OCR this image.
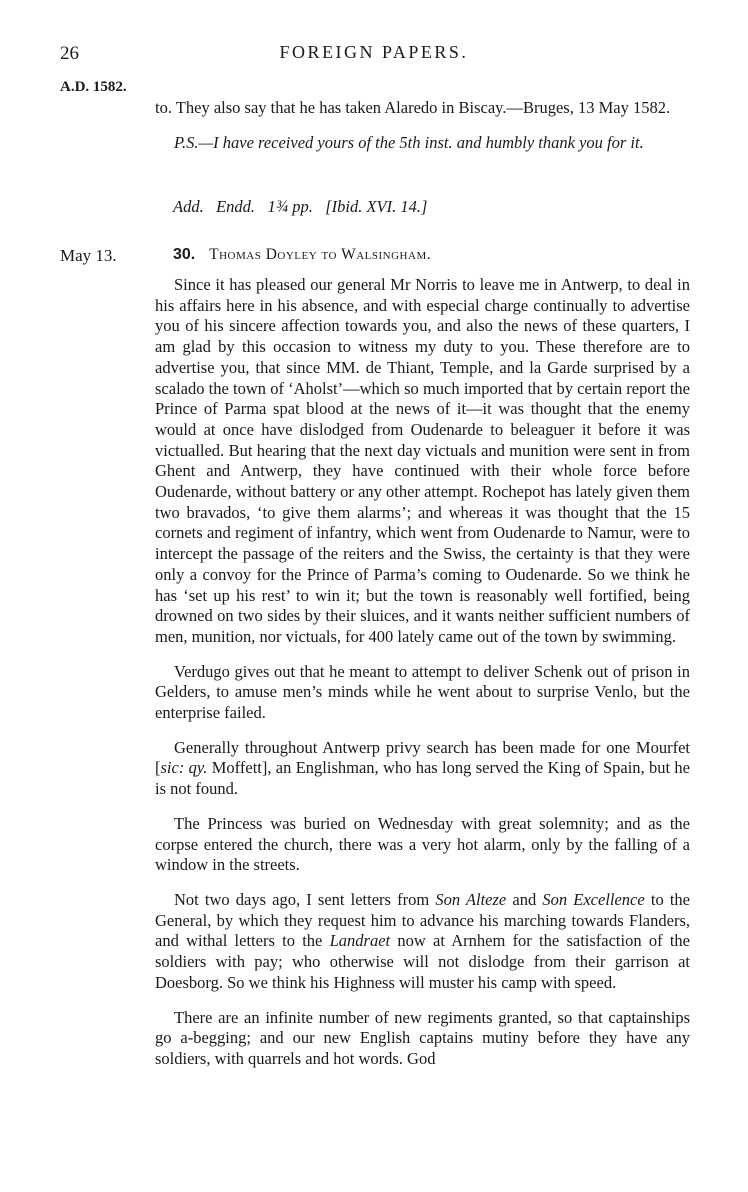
26	FOREIGN PAPERS.
A.D. 1582.

to. They also say that he has taken Alaredo in Biscay.—Bruges, 13 May 1582.

P.S.—I have received yours of the 5th inst. and humbly thank you for it.

Add. Endd. 1¾ pp. [Ibid. XVI. 14.]
May 13.	30. Thomas Doyley to Walsingham.

Since it has pleased our general Mr Norris to leave me in Antwerp, to deal in his affairs here in his absence, and with especial charge continually to advertise you of his sincere affection towards you, and also the news of these quarters, I am glad by this occasion to witness my duty to you. These therefore are to advertise you, that since MM. de Thiant, Temple, and la Garde surprised by a scalado the town of ‘Aholst’—which so much imported that by certain report the Prince of Parma spat blood at the news of it—it was thought that the enemy would at once have dislodged from Oudenarde to beleaguer it before it was victualled. But hearing that the next day victuals and munition were sent in from Ghent and Antwerp, they have continued with their whole force before Oudenarde, without battery or any other attempt. Rochepot has lately given them two bravados, ‘to give them alarms’; and whereas it was thought that the 15 cornets and regiment of infantry, which went from Oudenarde to Namur, were to intercept the passage of the reiters and the Swiss, the certainty is that they were only a convoy for the Prince of Parma’s coming to Oudenarde. So we think he has ‘set up his rest’ to win it; but the town is reasonably well fortified, being drowned on two sides by their sluices, and it wants neither sufficient numbers of men, munition, nor victuals, for 400 lately came out of the town by swimming.

Verdugo gives out that he meant to attempt to deliver Schenk out of prison in Gelders, to amuse men’s minds while he went about to surprise Venlo, but the enterprise failed.

Generally throughout Antwerp privy search has been made for one Mourfet [sic: qy. Moffett], an Englishman, who has long served the King of Spain, but he is not found.

The Princess was buried on Wednesday with great solemnity; and as the corpse entered the church, there was a very hot alarm, only by the falling of a window in the streets.

Not two days ago, I sent letters from Son Alteze and Son Excellence to the General, by which they request him to advance his marching towards Flanders, and withal letters to the Landraet now at Arnhem for the satisfaction of the soldiers with pay; who otherwise will not dislodge from their garrison at Doesborg. So we think his Highness will muster his camp with speed.

There are an infinite number of new regiments granted, so that captainships go a-begging; and our new English captains mutiny before they have any soldiers, with quarrels and hot words. God
